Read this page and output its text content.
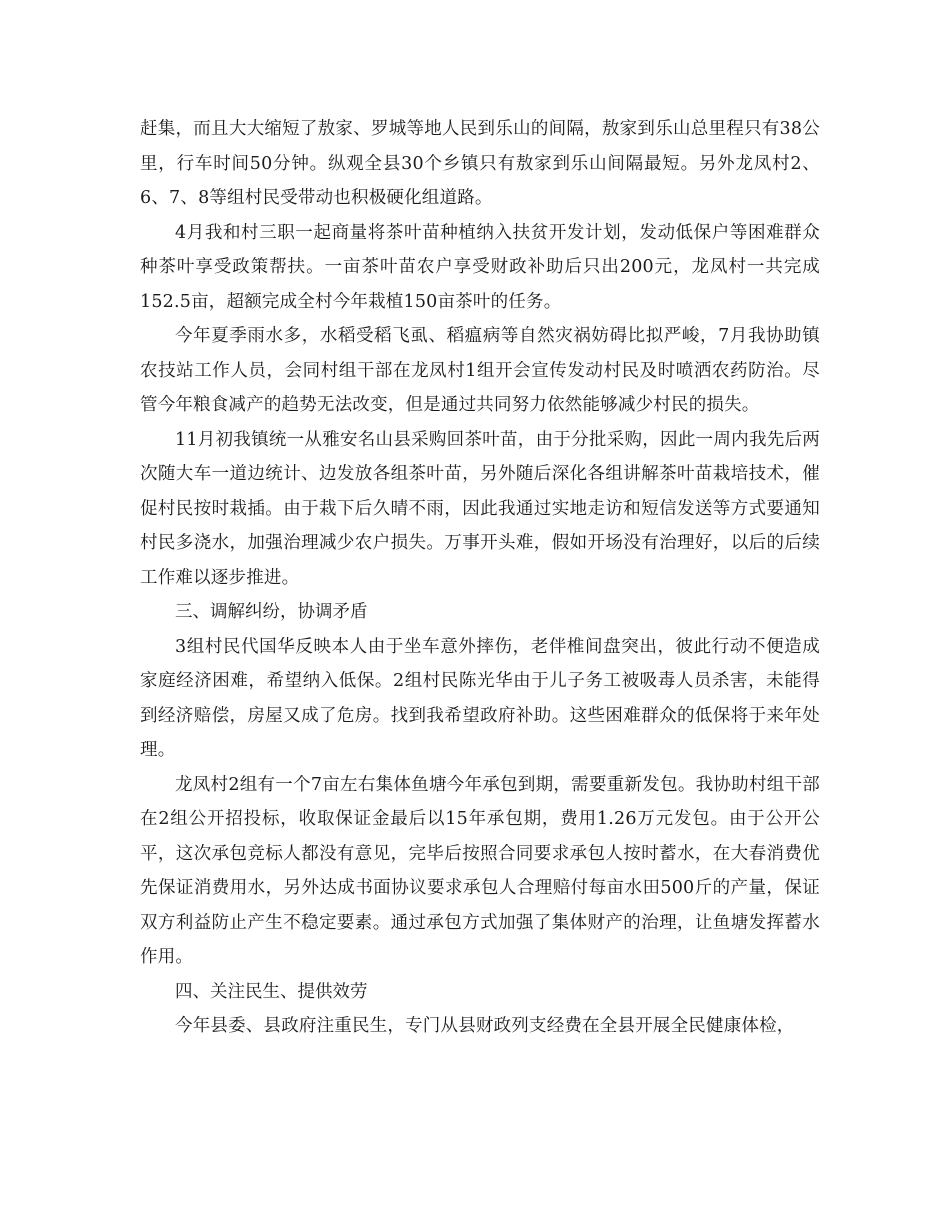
赶集，而且大大缩短了敖家、罗城等地人民到乐山的间隔，敖家到乐山总里程只有38公里，行车时间50分钟。纵观全县30个乡镇只有敖家到乐山间隔最短。另外龙凤村2、6、7、8等组村民受带动也积极硬化组道路。

4月我和村三职一起商量将茶叶苗种植纳入扶贫开发计划，发动低保户等困难群众种茶叶享受政策帮扶。一亩茶叶苗农户享受财政补助后只出200元，龙凤村一共完成152.5亩，超额完成全村今年栽植150亩茶叶的任务。

今年夏季雨水多，水稻受稻飞虱、稻瘟病等自然灾祸妨碍比拟严峻，7月我协助镇农技站工作人员，会同村组干部在龙凤村1组开会宣传发动村民及时喷洒农药防治。尽管今年粮食减产的趋势无法改变，但是通过共同努力依然能够减少村民的损失。

11月初我镇统一从雅安名山县采购回茶叶苗，由于分批采购，因此一周内我先后两次随大车一道边统计、边发放各组茶叶苗，另外随后深化各组讲解茶叶苗栽培技术，催促村民按时栽插。由于栽下后久晴不雨，因此我通过实地走访和短信发送等方式要通知村民多浇水，加强治理减少农户损失。万事开头难，假如开场没有治理好，以后的后续工作难以逐步推进。

三、调解纠纷，协调矛盾

3组村民代国华反映本人由于坐车意外摔伤，老伴椎间盘突出，彼此行动不便造成家庭经济困难，希望纳入低保。2组村民陈光华由于儿子务工被吸毒人员杀害，未能得到经济赔偿，房屋又成了危房。找到我希望政府补助。这些困难群众的低保将于来年处理。

龙凤村2组有一个7亩左右集体鱼塘今年承包到期，需要重新发包。我协助村组干部在2组公开招投标，收取保证金最后以15年承包期，费用1.26万元发包。由于公开公平，这次承包竞标人都没有意见，完毕后按照合同要求承包人按时蓄水，在大春消费优先保证消费用水，另外达成书面协议要求承包人合理赔付每亩水田500斤的产量，保证双方利益防止产生不稳定要素。通过承包方式加强了集体财产的治理，让鱼塘发挥蓄水作用。

四、关注民生、提供效劳

今年县委、县政府注重民生，专门从县财政列支经费在全县开展全民健康体检，
